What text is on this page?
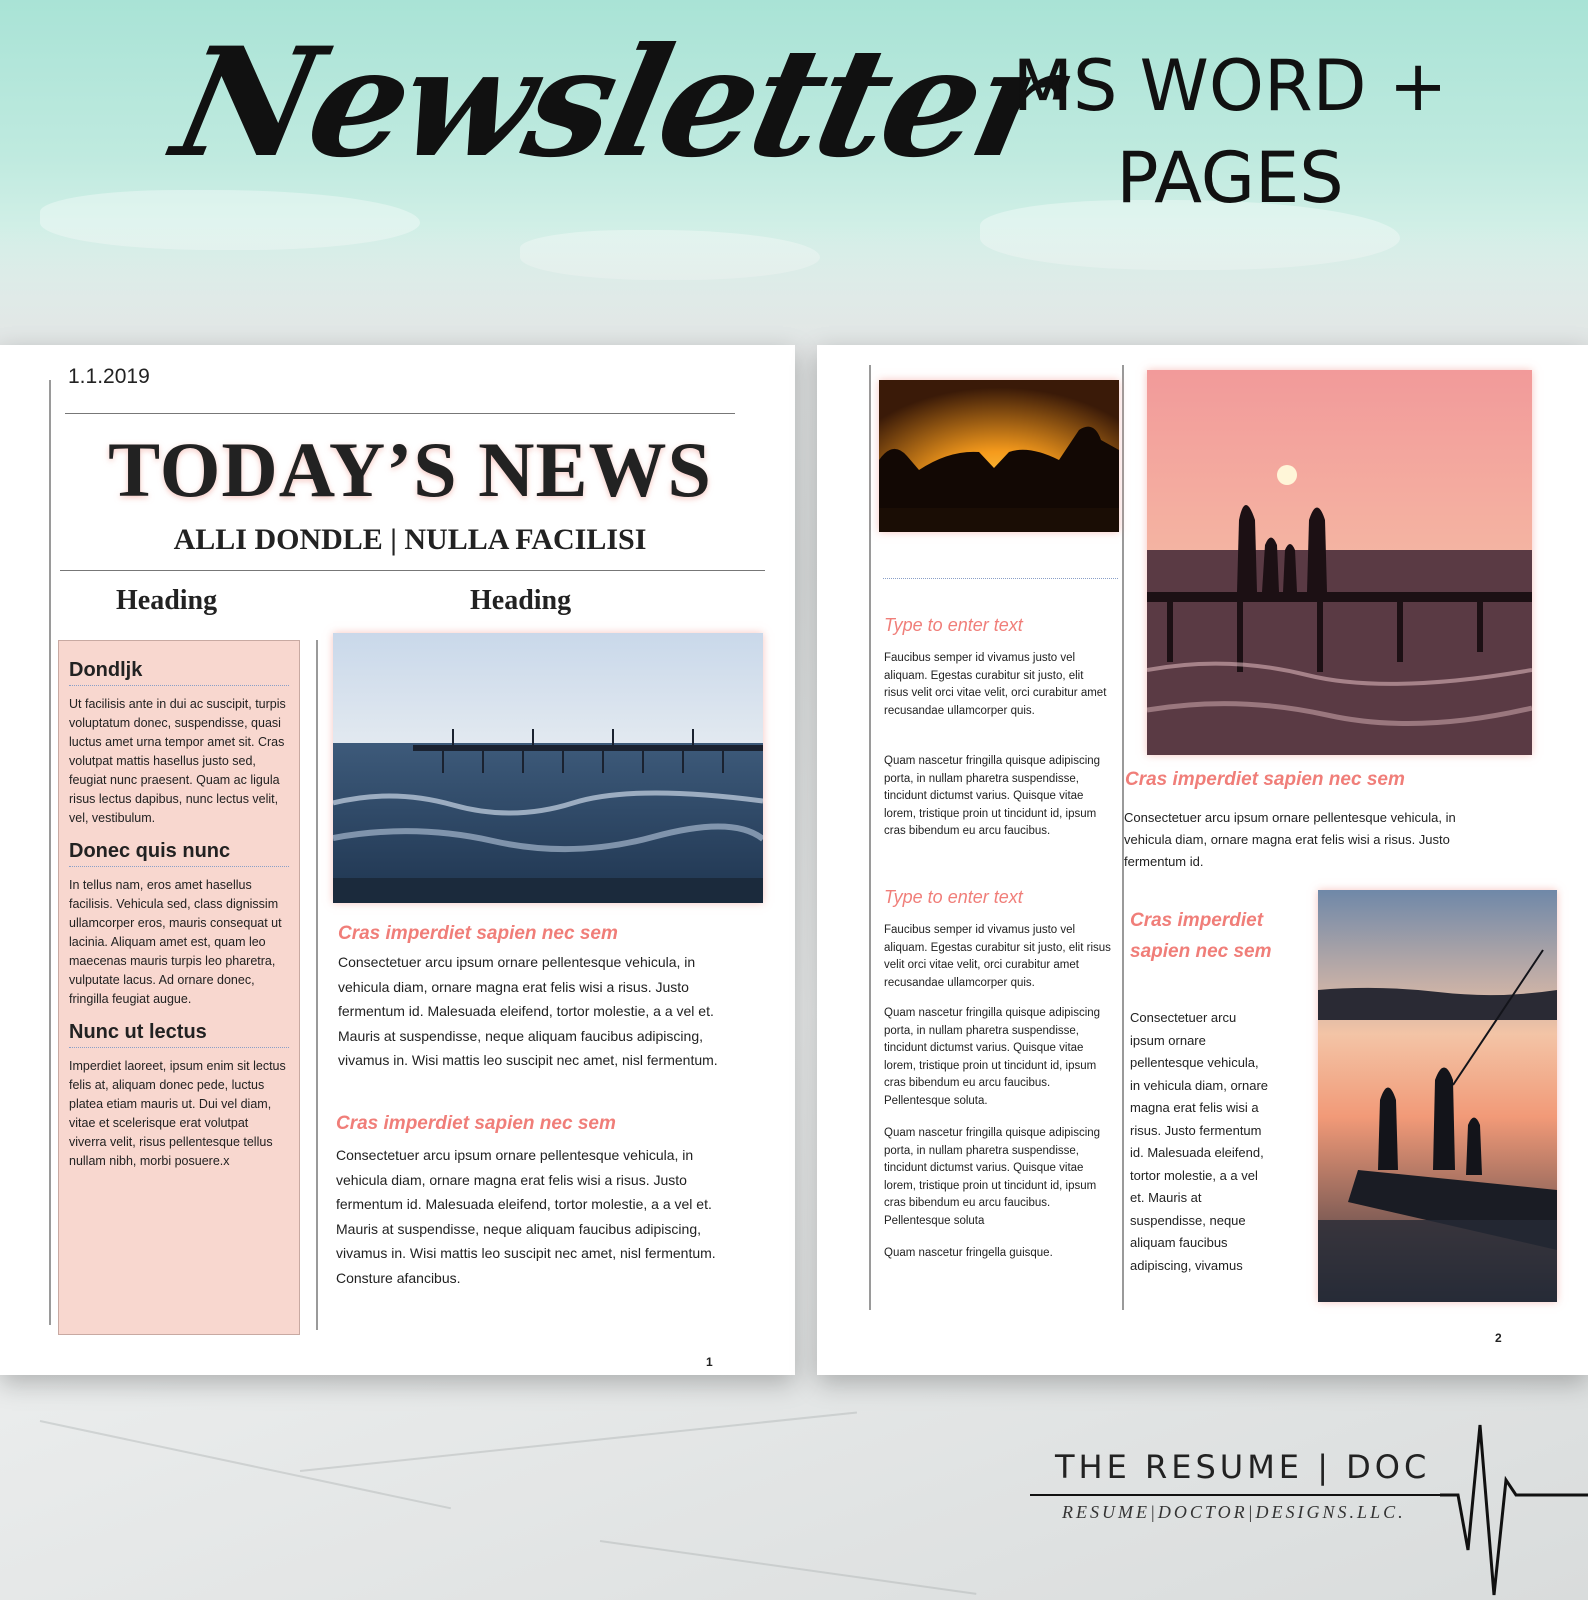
Newsletter
MS WORD +
PAGES
1.1.2019
TODAY’S NEWS
ALLI DONDLE | NULLA FACILISI
Heading	Heading
Dondljk

Ut facilisis ante in dui ac suscipit, turpis voluptatum donec, suspendisse, quasi luctus amet urna tempor amet sit. Cras volutpat mattis hasellus justo sed, feugiat nunc praesent. Quam ac ligula risus lectus dapibus, nunc lectus velit, vel, vestibulum.

Donec quis nunc

In tellus nam, eros amet hasellus facilisis. Vehicula sed, class dignissim ullamcorper eros, mauris consequat ut lacinia. Aliquam amet est, quam leo maecenas mauris turpis leo pharetra, vulputate lacus. Ad ornare donec, fringilla feugiat augue.

Nunc ut lectus

Imperdiet laoreet, ipsum enim sit lectus felis at, aliquam donec pede, luctus platea etiam mauris ut. Dui vel diam, vitae et scelerisque erat volutpat viverra velit, risus pellentesque tellus nullam nibh, morbi posuere.x

Cras imperdiet sapien nec sem
Consectetuer arcu ipsum ornare pellentesque vehicula, in vehicula diam, ornare magna erat felis wisi a risus. Justo fermentum id. Malesuada eleifend, tortor molestie, a a vel et. Mauris at suspendisse, neque aliquam faucibus adipiscing, vivamus in. Wisi mattis leo suscipit nec amet, nisl fermentum.
Cras imperdiet sapien nec sem
Consectetuer arcu ipsum ornare pellentesque vehicula, in vehicula diam, ornare magna erat felis wisi a risus. Justo fermentum id. Malesuada eleifend, tortor molestie, a a vel et. Mauris at suspendisse, neque aliquam faucibus adipiscing, vivamus in. Wisi mattis leo suscipit nec amet, nisl fermentum. Consture afancibus.
1
Type to enter text
Faucibus semper id vivamus justo vel aliquam. Egestas curabitur sit justo, elit risus velit orci vitae velit, orci curabitur amet recusandae ullamcorper quis.
Quam nascetur fringilla quisque adipiscing porta, in nullam pharetra suspendisse, tincidunt dictumst varius. Quisque vitae lorem, tristique proin ut tincidunt id, ipsum cras bibendum eu arcu faucibus.
Type to enter text
Faucibus semper id vivamus justo vel aliquam. Egestas curabitur sit justo, elit risus velit orci vitae velit, orci curabitur amet recusandae ullamcorper quis.
Quam nascetur fringilla quisque adipiscing porta, in nullam pharetra suspendisse, tincidunt dictumst varius. Quisque vitae lorem, tristique proin ut tincidunt id, ipsum cras bibendum eu arcu faucibus. Pellentesque soluta.
Quam nascetur fringilla quisque adipiscing porta, in nullam pharetra suspendisse, tincidunt dictumst varius. Quisque vitae lorem, tristique proin ut tincidunt id, ipsum cras bibendum eu arcu faucibus. Pellentesque soluta
Quam nascetur fringella guisque.
Cras imperdiet sapien nec sem
Consectetuer arcu ipsum ornare pellentesque vehicula, in vehicula diam, ornare magna erat felis wisi a risus. Justo fermentum id.
Cras imperdiet sapien nec sem
Consectetuer arcu ipsum ornare pellentesque vehicula, in vehicula diam, ornare magna erat felis wisi a risus. Justo fermentum id. Malesuada eleifend, tortor molestie, a a vel et. Mauris at suspendisse, neque aliquam faucibus adipiscing, vivamus
2
THE RESUME | DOC
RESUME|DOCTOR|DESIGNS.LLC.
